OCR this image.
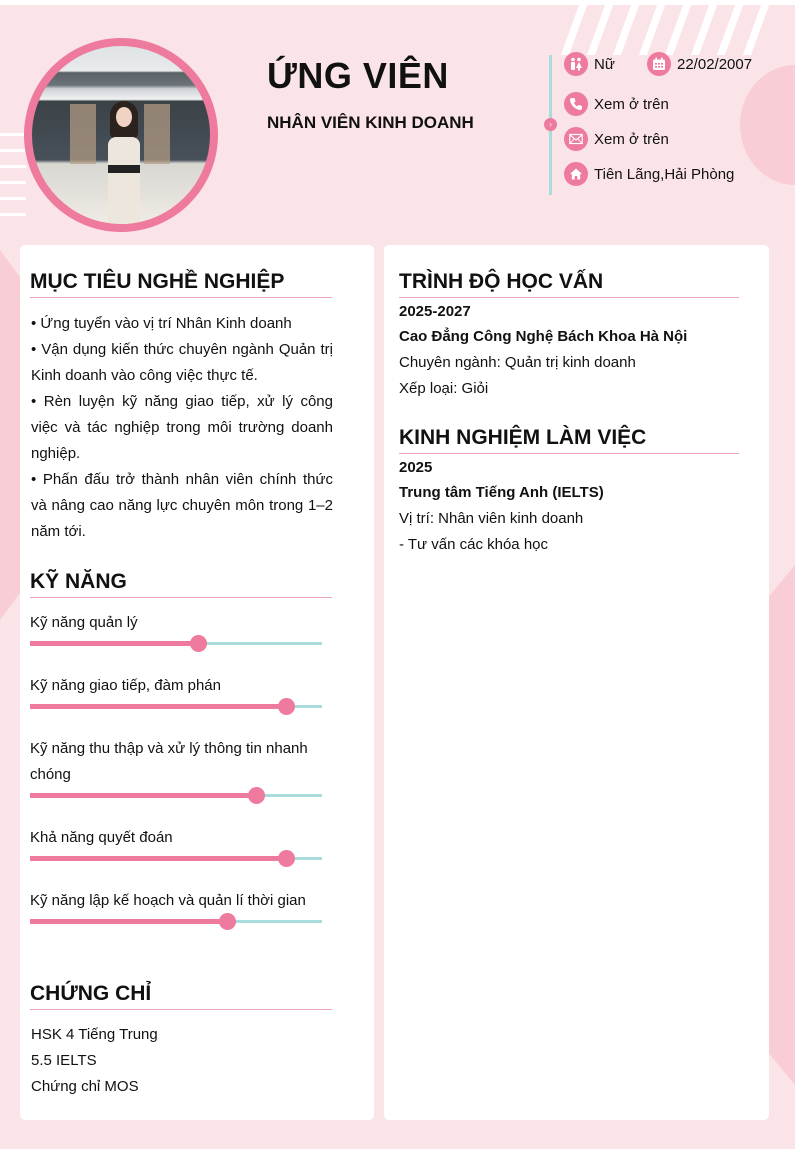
ỨNG VIÊN
NHÂN VIÊN KINH DOANH	›
Nữ	22/02/2007
Xem ở trên
Xem ở trên
Tiên Lãng,Hải Phòng
MỤC TIÊU NGHỀ NGHIỆP

• Ứng tuyển vào vị trí Nhân Kinh doanh

• Vận dụng kiến thức chuyên ngành Quản trị Kinh doanh vào công việc thực tế.

• Rèn luyện kỹ năng giao tiếp, xử lý công việc và tác nghiệp trong môi trường doanh nghiệp.

• Phấn đấu trở thành nhân viên chính thức và nâng cao năng lực chuyên môn trong 1–2 năm tới.

KỸ NĂNG
Kỹ năng quản lý
Kỹ năng giao tiếp, đàm phán
Kỹ năng thu thập và xử lý thông tin nhanh chóng
Khả năng quyết đoán
Kỹ năng lập kế hoạch và quản lí thời gian
CHỨNG CHỈ
HSK 4 Tiếng Trung
5.5 IELTS
Chứng chỉ MOS
TRÌNH ĐỘ HỌC VẤN
2025-2027
Cao Đẳng Công Nghệ Bách Khoa Hà Nội
Chuyên ngành: Quản trị kinh doanh
Xếp loại: Giỏi
KINH NGHIỆM LÀM VIỆC
2025
Trung tâm Tiếng Anh (IELTS)
Vị trí: Nhân viên kinh doanh
- Tư vấn các khóa học
